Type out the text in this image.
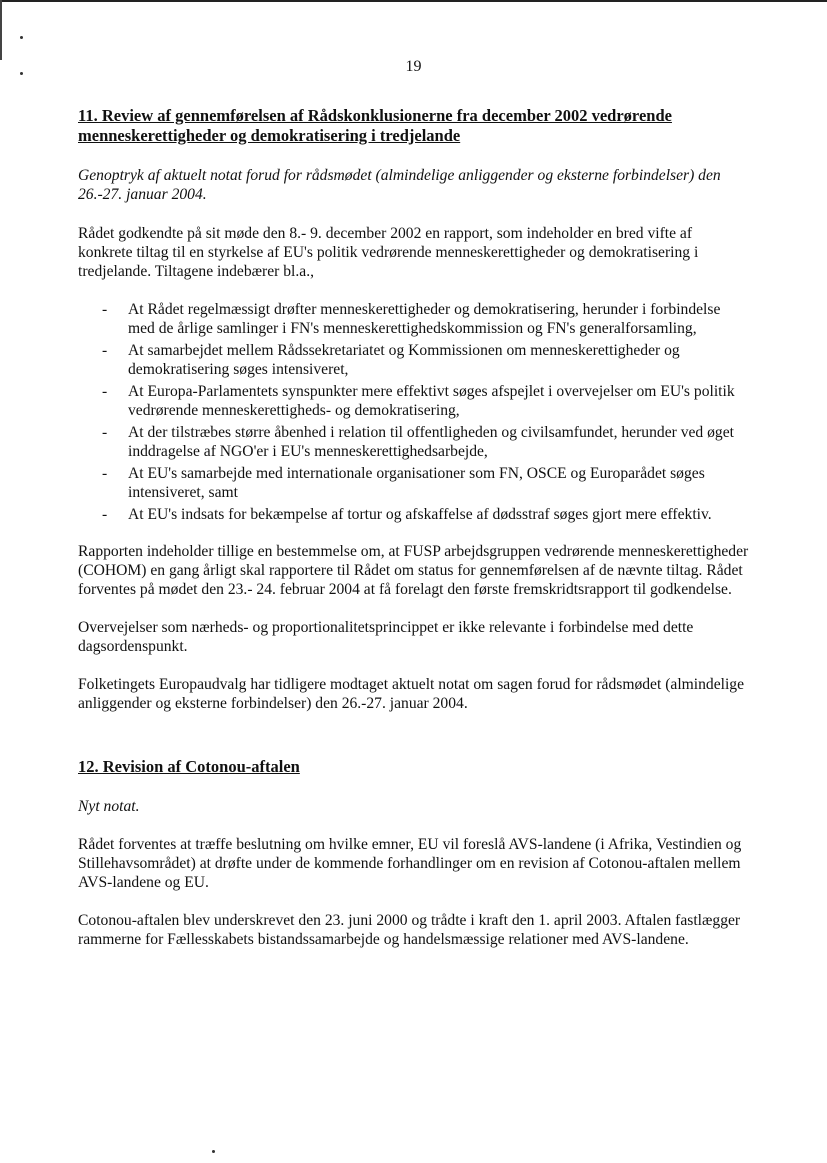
19
11. Review af gennemførelsen af Rådskonklusionerne fra december 2002 vedrørende menneskerettigheder og demokratisering i tredjelande

Genoptryk af aktuelt notat forud for rådsmødet (almindelige anliggender og eksterne forbindelser) den 26.-27. januar 2004.

Rådet godkendte på sit møde den 8.- 9. december 2002 en rapport, som indeholder en bred vifte af konkrete tiltag til en styrkelse af EU's politik vedrørende menneskerettigheder og demokratisering i tredjelande. Tiltagene indebærer bl.a.,

- At Rådet regelmæssigt drøfter menneskerettigheder og demokratisering, herunder i forbindelse med de årlige samlinger i FN's menneskerettighedskommission og FN's generalforsamling,
- At samarbejdet mellem Rådssekretariatet og Kommissionen om menneskerettigheder og demokratisering søges intensiveret,
- At Europa-Parlamentets synspunkter mere effektivt søges afspejlet i overvejelser om EU's politik vedrørende menneskerettigheds- og demokratisering,
- At der tilstræbes større åbenhed i relation til offentligheden og civilsamfundet, herunder ved øget inddragelse af NGO'er i EU's menneskerettighedsarbejde,
- At EU's samarbejde med internationale organisationer som FN, OSCE og Europarådet søges intensiveret, samt
- At EU's indsats for bekæmpelse af tortur og afskaffelse af dødsstraf søges gjort mere effektiv.

Rapporten indeholder tillige en bestemmelse om, at FUSP arbejdsgruppen vedrørende menneskerettigheder (COHOM) en gang årligt skal rapportere til Rådet om status for gennemførelsen af de nævnte tiltag. Rådet forventes på mødet den 23.- 24. februar 2004 at få forelagt den første fremskridtsrapport til godkendelse.

Overvejelser som nærheds- og proportionalitetsprincippet er ikke relevante i forbindelse med dette dagsordenspunkt.

Folketingets Europaudvalg har tidligere modtaget aktuelt notat om sagen forud for rådsmødet (almindelige anliggender og eksterne forbindelser) den 26.-27. januar 2004.

12. Revision af Cotonou-aftalen

Nyt notat.

Rådet forventes at træffe beslutning om hvilke emner, EU vil foreslå AVS-landene (i Afrika, Vestindien og Stillehavsområdet) at drøfte under de kommende forhandlinger om en revision af Cotonou-aftalen mellem AVS-landene og EU.

Cotonou-aftalen blev underskrevet den 23. juni 2000 og trådte i kraft den 1. april 2003. Aftalen fastlægger rammerne for Fællesskabets bistandssamarbejde og handelsmæssige relationer med AVS-landene.
